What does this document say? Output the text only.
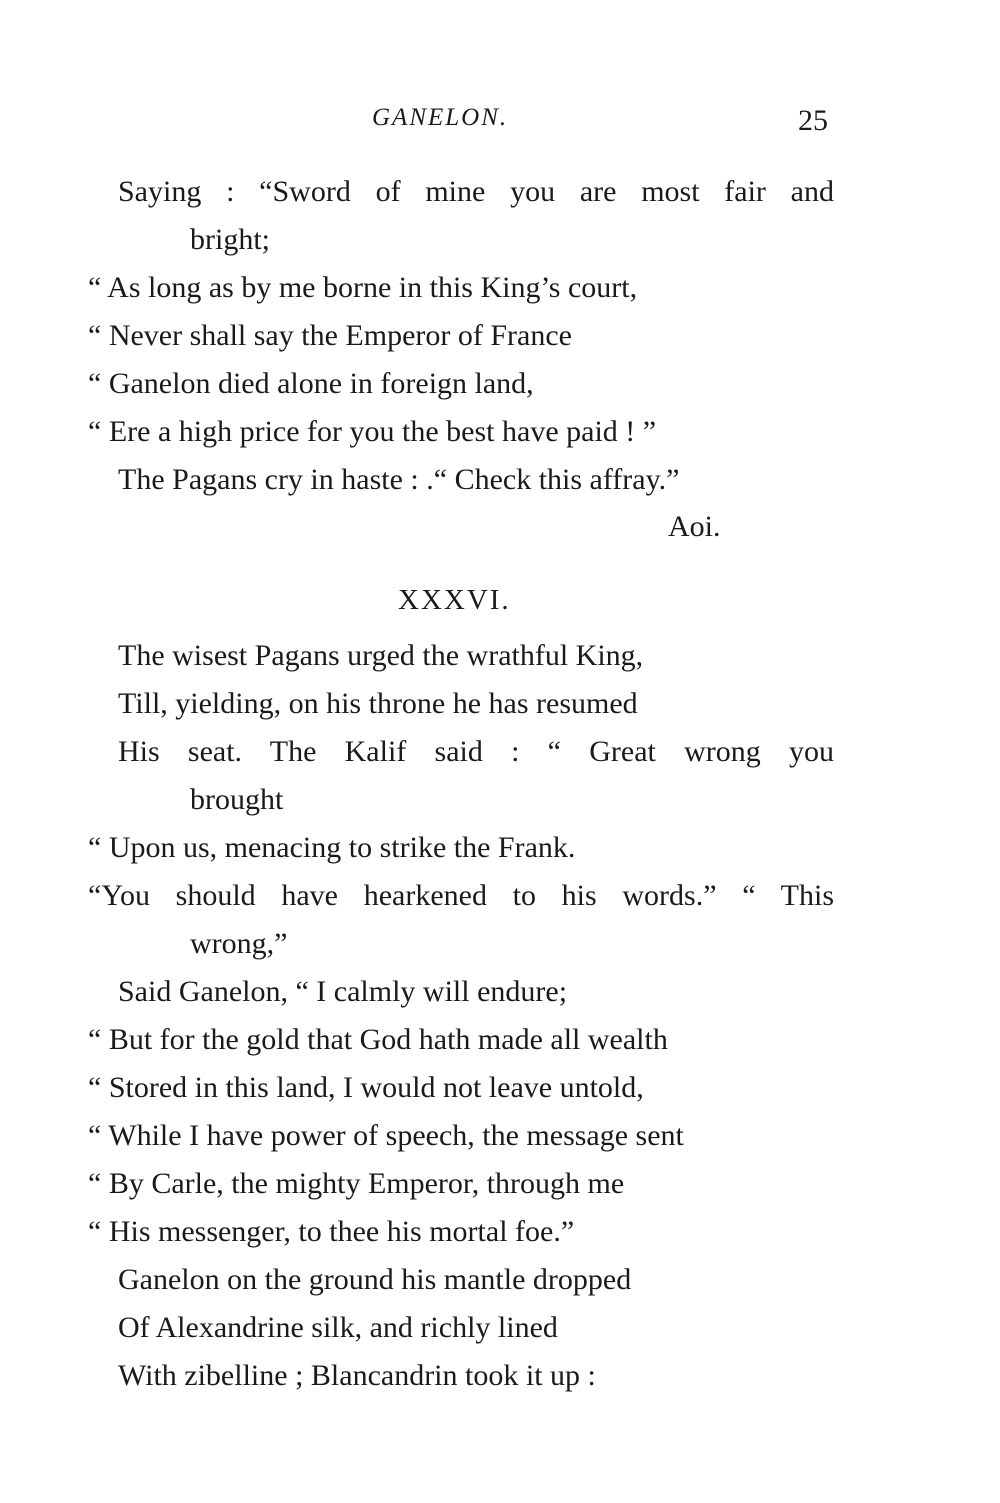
GANELON.	25
Saying : “Sword of mine you are most fair and
bright;
“ As long as by me borne in this King’s court,
“ Never shall say the Emperor of France
“ Ganelon died alone in foreign land,
“ Ere a high price for you the best have paid ! ”
The Pagans cry in haste : .“ Check this affray.”
Aoi.
XXXVI.
The wisest Pagans urged the wrathful King,
Till, yielding, on his throne he has resumed
His seat. The Kalif said : “ Great wrong you
brought
“ Upon us, menacing to strike the Frank.
“You should have hearkened to his words.” “ This
wrong,”
Said Ganelon, “ I calmly will endure;
“ But for the gold that God hath made all wealth
“ Stored in this land, I would not leave untold,
“ While I have power of speech, the message sent
“ By Carle, the mighty Emperor, through me
“ His messenger, to thee his mortal foe.”
Ganelon on the ground his mantle dropped
Of Alexandrine silk, and richly lined
With zibelline ; Blancandrin took it up :
